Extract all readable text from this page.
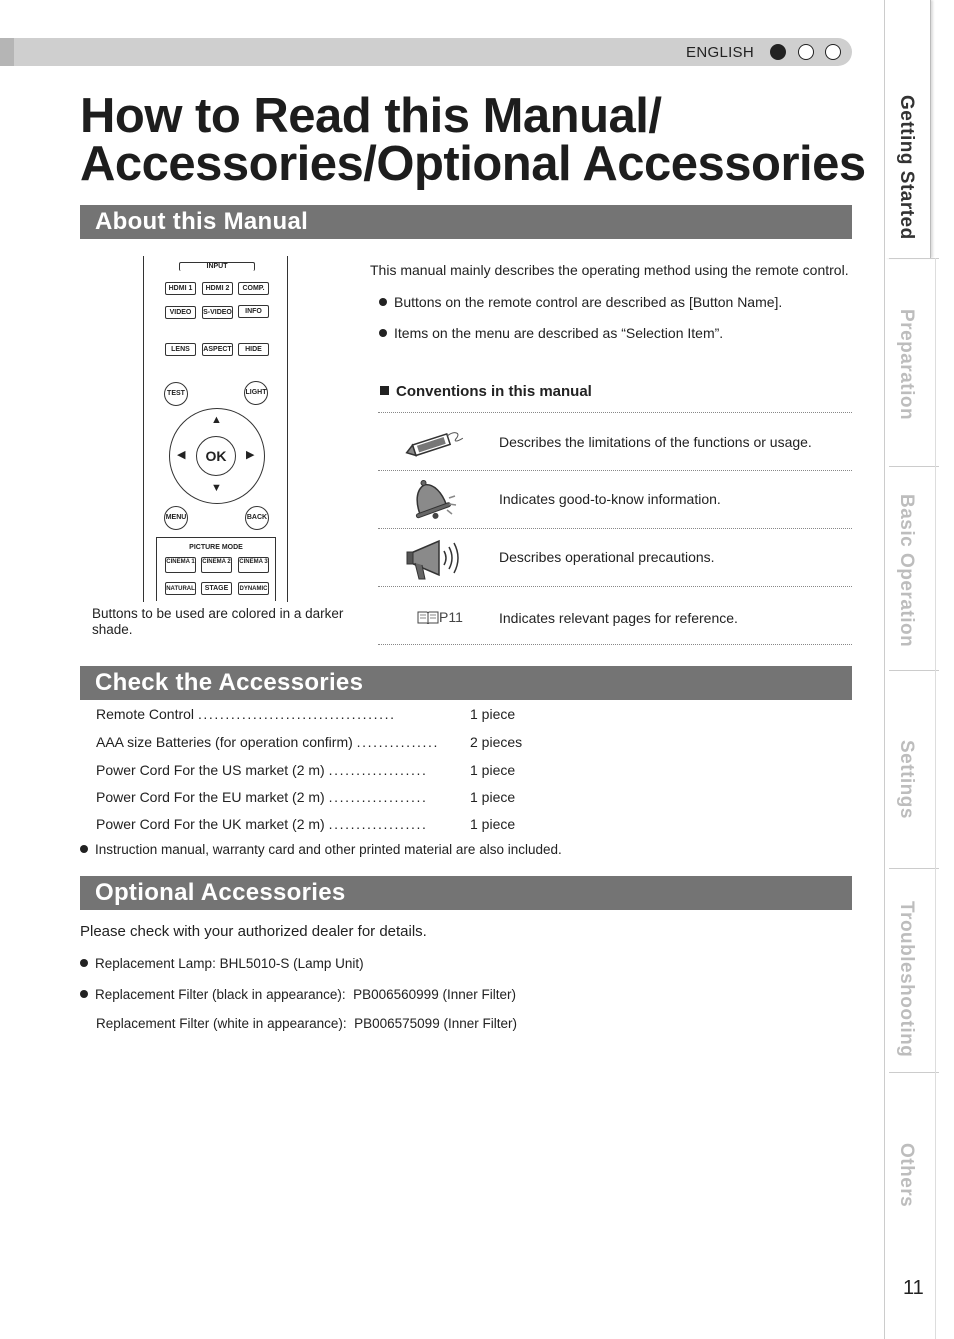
ENGLISH
How to Read this Manual/
Accessories/Optional Accessories
About this Manual
INPUT
HDMI 1	HDMI 2	COMP.
VIDEO	S-VIDEO	INFO
LENS	ASPECT	HIDE
TEST	LIGHT
OK
▲
▼
◀	▶
MENU	BACK
PICTURE MODE
CINEMA 1 CINEMA 2 CINEMA 3
NATURAL	STAGE	DYNAMIC
Buttons to be used are colored in a darker shade.
This manual mainly describes the operating method using the remote control.
Buttons on the remote control are described as [Button Name].
Items on the menu are described as “Selection Item”.
Conventions in this manual
Describes the limitations of the functions or usage.
Indicates good-to-know information.
Describes operational precautions.
P11	Indicates relevant pages for reference.
Check the Accessories
Remote Control ....................................	1 piece
AAA size Batteries (for operation confirm) ............... 2 pieces
Power Cord For the US market (2 m) ..................	1 piece
Power Cord For the EU market (2 m) ..................	1 piece
Power Cord For the UK market (2 m) ..................	1 piece
Instruction manual, warranty card and other printed material are also included.
Optional Accessories
Please check with your authorized dealer for details.
Replacement Lamp: BHL5010-S (Lamp Unit)
Replacement Filter (black in appearance):  PB006560999 (Inner Filter)
Replacement Filter (white in appearance):  PB006575099 (Inner Filter)
Getting Started
Preparation
Basic Operation
Settings
Troubleshooting
Others
11
